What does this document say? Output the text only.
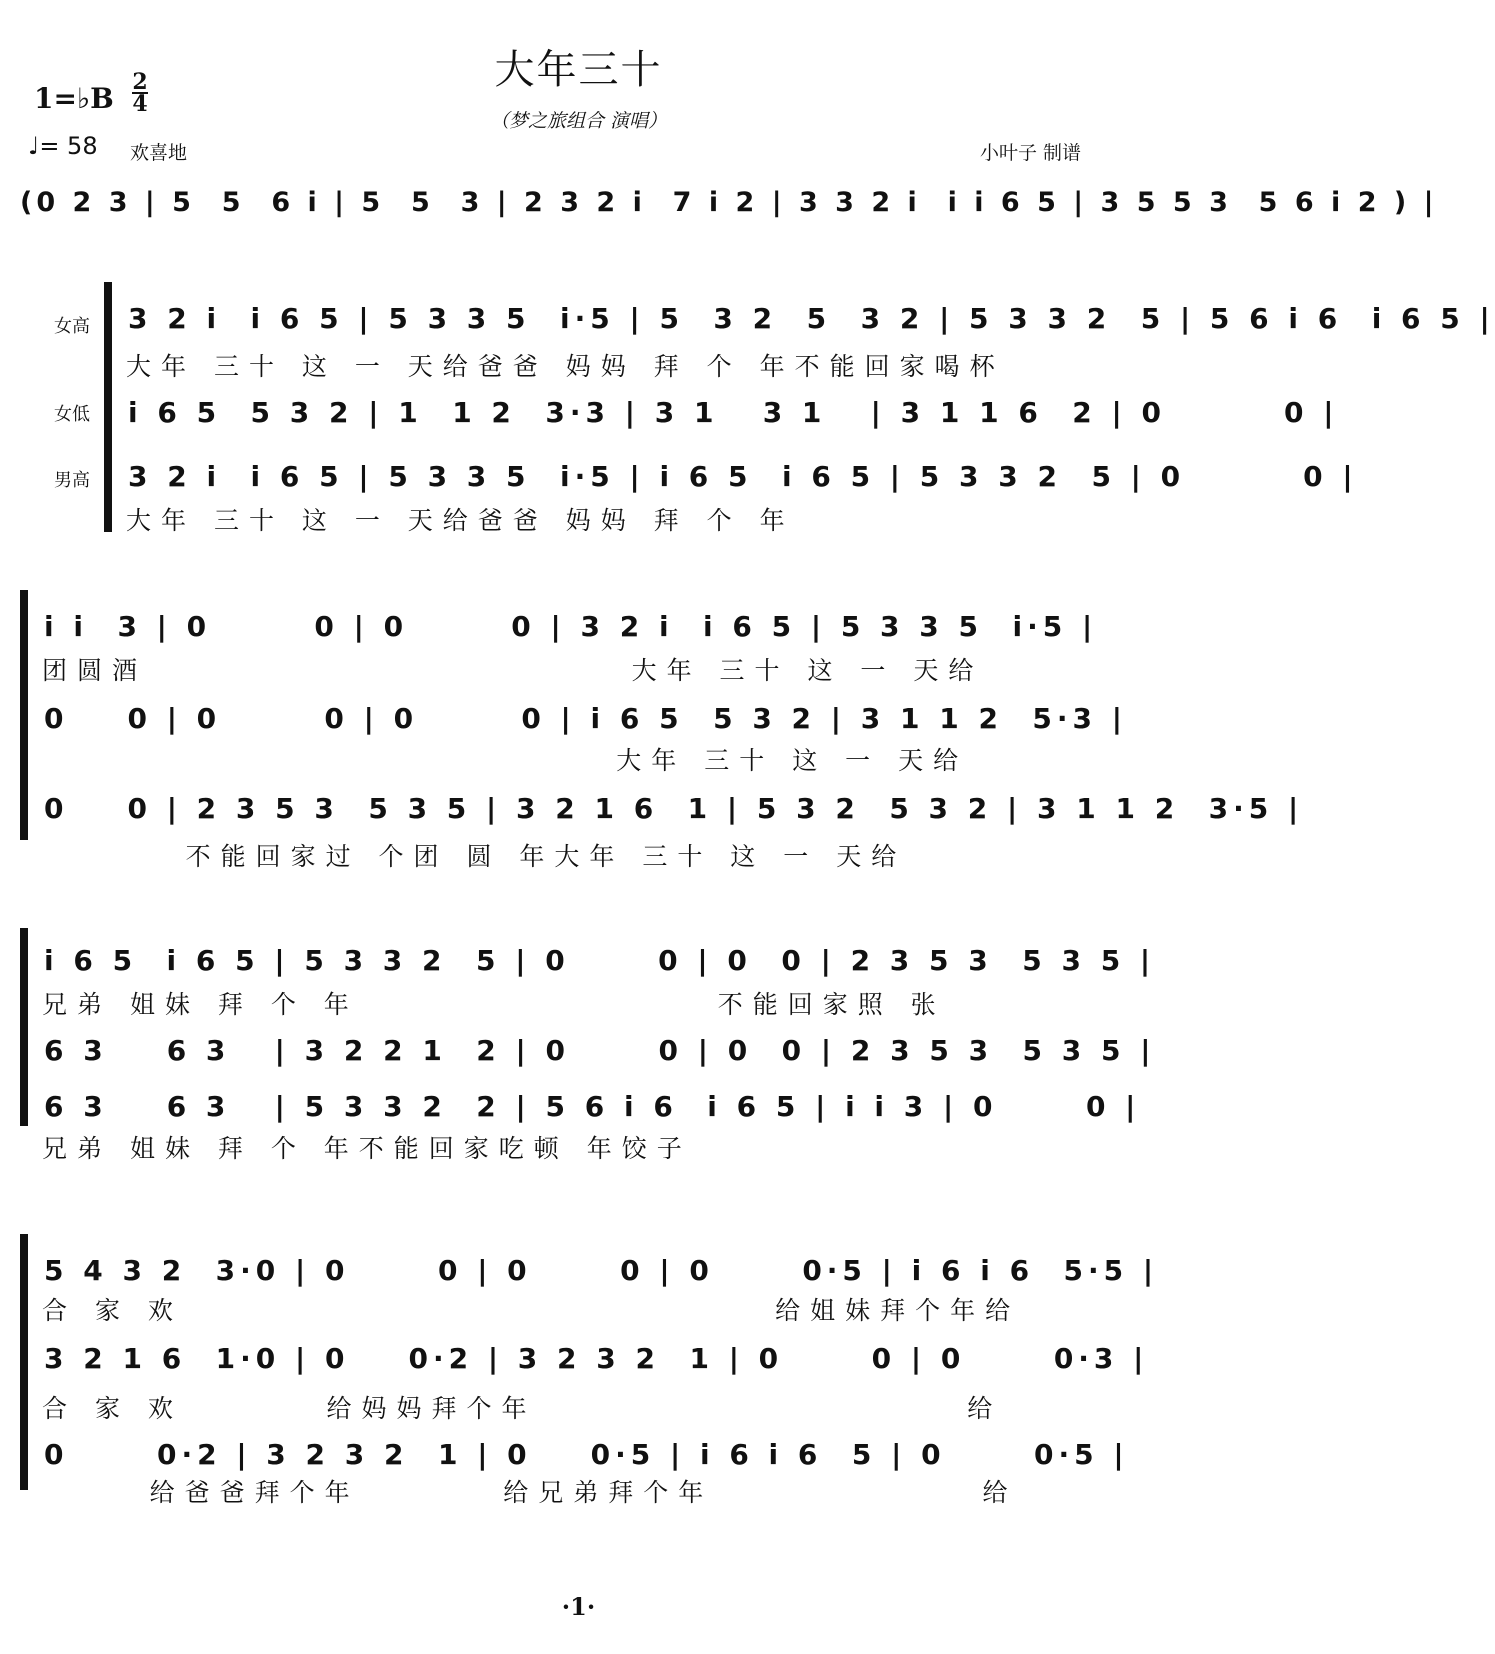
大年三十
（梦之旅组合 演唱）
1=♭B 2
4
♩= 58 欢喜地	小叶子 制谱
(0 2 3 | 5  5  6 i | 5  5  3 | 2 3 2 i  7 i 2 | 3 3 2 i  i i 6 5 | 3 5 5 3  5 6 i 2 ) |
女高
女低
男高
3 2 i  i 6 5 | 5 3 3 5  i·5 | 5  3 2  5  3 2 | 5 3 3 2  5 | 5 6 i 6  i 6 5 |
大年 三十 这 一 天给爸爸 妈妈 拜 个 年不能回家喝杯
i 6 5  5 3 2 | 1  1 2  3·3 | 3 1   3 1   | 3 1 1 6  2 | 0        0 |
3 2 i  i 6 5 | 5 3 3 5  i·5 | i 6 5  i 6 5 | 5 3 3 2  5 | 0        0 |
大年 三十 这 一 天给爸爸 妈妈 拜 个 年
i i  3 | 0       0 | 0       0 | 3 2 i  i 6 5 | 5 3 3 5  i·5 |
团圆酒                           大年 三十 这 一 天给
0    0 | 0       0 | 0       0 | i 6 5  5 3 2 | 3 1 1 2  5·3 |
大年 三十 这 一 天给
0    0 | 2 3 5 3  5 3 5 | 3 2 1 6  1 | 5 3 2  5 3 2 | 3 1 1 2  3·5 |
不能回家过 个团 圆 年大年 三十 这 一 天给
i 6 5  i 6 5 | 5 3 3 2  5 | 0      0 | 0  0 | 2 3 5 3  5 3 5 |
兄弟 姐妹 拜 个 年                    不能回家照 张
6 3    6 3   | 3 2 2 1  2 | 0      0 | 0  0 | 2 3 5 3  5 3 5 |
6 3    6 3   | 5 3 3 2  2 | 5 6 i 6  i 6 5 | i i 3 | 0      0 |
兄弟 姐妹 拜 个 年不能回家吃顿 年饺子
5 4 3 2  3·0 | 0      0 | 0      0 | 0      0·5 | i 6 i 6  5·5 |
合 家 欢                                 给姐妹拜个年给
3 2 1 6  1·0 | 0    0·2 | 3 2 3 2  1 | 0      0 | 0      0·3 |
合 家 欢        给妈妈拜个年                        给
0      0·2 | 3 2 3 2  1 | 0    0·5 | i 6 i 6  5 | 0      0·5 |
给爸爸拜个年        给兄弟拜个年               给
·1·
